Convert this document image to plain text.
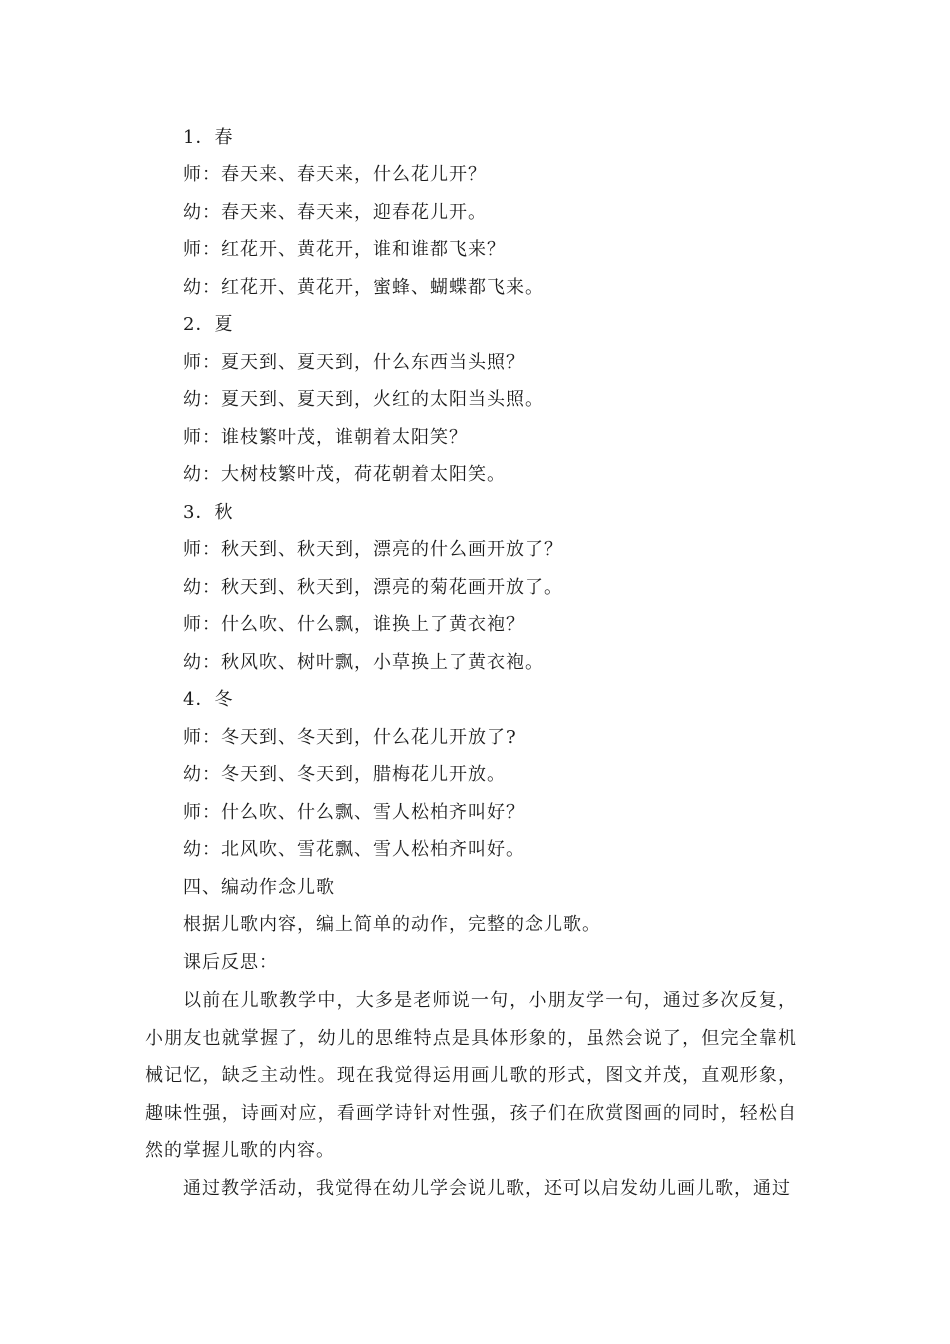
1．春
师：春天来、春天来，什么花儿开？
幼：春天来、春天来，迎春花儿开。
师：红花开、黄花开，谁和谁都飞来？
幼：红花开、黄花开，蜜蜂、蝴蝶都飞来。
2．夏
师：夏天到、夏天到，什么东西当头照？
幼：夏天到、夏天到，火红的太阳当头照。
师：谁枝繁叶茂，谁朝着太阳笑？
幼：大树枝繁叶茂，荷花朝着太阳笑。
3．秋
师：秋天到、秋天到，漂亮的什么画开放了？
幼：秋天到、秋天到，漂亮的菊花画开放了。
师：什么吹、什么飘，谁换上了黄衣袍？
幼：秋风吹、树叶飘，小草换上了黄衣袍。
4．冬
师：冬天到、冬天到，什么花儿开放了?
幼：冬天到、冬天到，腊梅花儿开放。
师：什么吹、什么飘、雪人松柏齐叫好？
幼：北风吹、雪花飘、雪人松柏齐叫好。
四、编动作念儿歌
根据儿歌内容，编上简单的动作，完整的念儿歌。
课后反思：
以前在儿歌教学中，大多是老师说一句，小朋友学一句，通过多次反复，小朋友也就掌握了，幼儿的思维特点是具体形象的，虽然会说了，但完全靠机械记忆，缺乏主动性。现在我觉得运用画儿歌的形式，图文并茂，直观形象，趣味性强，诗画对应，看画学诗针对性强，孩子们在欣赏图画的同时，轻松自然的掌握儿歌的内容。
通过教学活动，我觉得在幼儿学会说儿歌，还可以启发幼儿画儿歌，通过
